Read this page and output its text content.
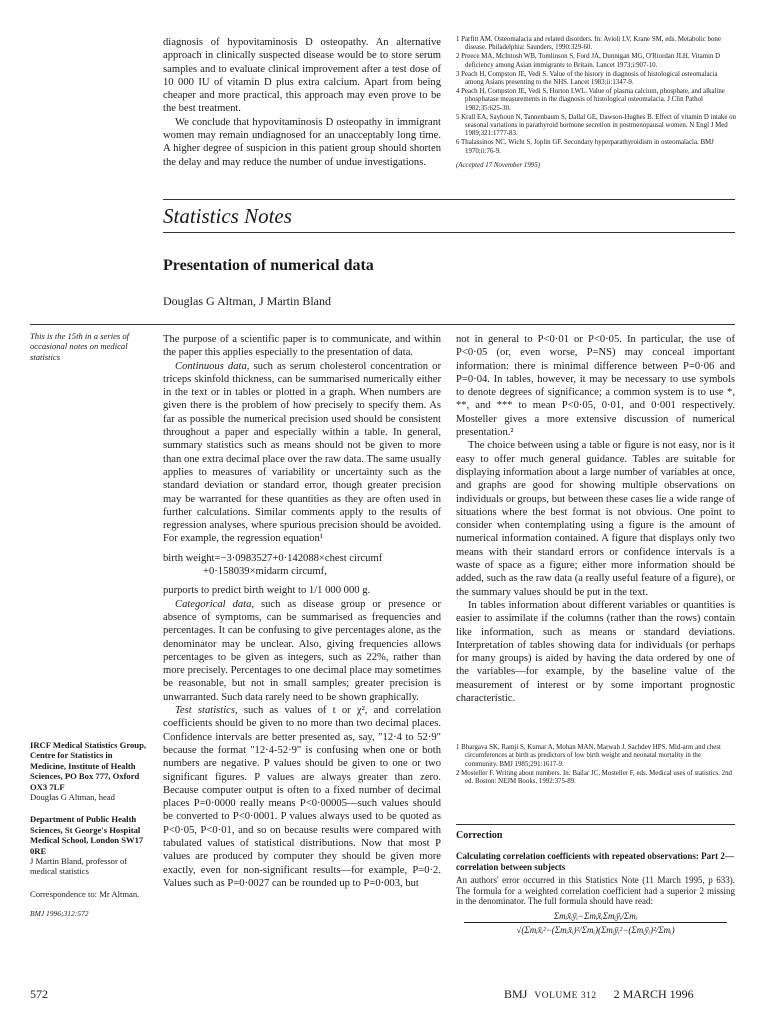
diagnosis of hypovitaminosis D osteopathy. An alternative approach in clinically suspected disease would be to store serum samples and to evaluate clinical improvement after a test dose of 10 000 IU of vitamin D plus extra calcium. Apart from being cheaper and more practical, this approach may even prove to be the best treatment.

We conclude that hypovitaminosis D osteopathy in immigrant women may remain undiagnosed for an unacceptably long time. A higher degree of suspicion in this patient group should shorten the delay and may reduce the number of undue investigations.

1 Parfitt AM. Osteomalacia and related disorders. In: Avioli LV, Krane SM, eds. Metabolic bone disease. Philadelphia: Saunders, 1990:329-60.
2 Preece MA, McIntosh WB, Tomlinson S, Ford JA, Dunnigan MG, O'Riordan JLH. Vitamin D deficiency among Asian immigrants to Britain. Lancet 1973;i:907-10.
3 Peach H, Compston JE, Vedi S. Value of the history in diagnosis of histological osteomalacia among Asians presenting to the NHS. Lancet 1983;ii:1347-9.
4 Peach H, Compston JE, Vedi S, Horton LWL. Value of plasma calcium, phosphate, and alkaline phosphatase measurements in the diagnosis of histological osteomalacia. J Clin Pathol 1982;35:625-30.
5 Krall EA, Sayhoun N, Tannenbaum S, Dallal GE, Dawson-Hughes B. Effect of vitamin D intake on seasonal variations in parathyroid hormone secretion in postmenopausal women. N Engl J Med 1989;321:1777-83.
6 Thalassinos NC, Wicht S, Joplin GF. Secondary hyperparathyroidism in osteomalacia. BMJ 1970;ii:76-9.
(Accepted 17 November 1995)
Statistics Notes
Presentation of numerical data
Douglas G Altman, J Martin Bland
This is the 15th in a series of occasional notes on medical statistics
IRCF Medical Statistics Group, Centre for Statistics in Medicine, Institute of Health Sciences, PO Box 777, Oxford OX3 7LF
Douglas G Altman, head
Department of Public Health Sciences, St George's Hospital Medical School, London SW17 0RE
J Martin Bland, professor of medical statistics
Correspondence to: Mr Altman.
BMJ 1996;312:572

The purpose of a scientific paper is to communicate, and within the paper this applies especially to the presentation of data.

Continuous data, such as serum cholesterol concentration or triceps skinfold thickness, can be summarised numerically either in the text or in tables or plotted in a graph. When numbers are given there is the problem of how precisely to specify them. As far as possible the numerical precision used should be consistent throughout a paper and especially within a table. In general, summary statistics such as means should not be given to more than one extra decimal place over the raw data. The same usually applies to measures of variability or uncertainty such as the standard deviation or standard error, though greater precision may be warranted for these quantities as they are often used in further calculations. Similar comments apply to the results of regression analyses, where spurious precision should be avoided. For example, the regression equation¹

birth weight=−3·0983527+0·142088×chest circumf
+0·158039×midarm circumf,

purports to predict birth weight to 1/1 000 000 g.

Categorical data, such as disease group or presence or absence of symptoms, can be summarised as frequencies and percentages. It can be confusing to give percentages alone, as the denominator may be unclear. Also, giving frequencies allows percentages to be given as integers, such as 22%, rather than more precisely. Percentages to one decimal place may sometimes be reasonable, but not in small samples; greater precision is unwarranted. Such data rarely need to be shown graphically.

Test statistics, such as values of t or χ², and correlation coefficients should be given to no more than two decimal places. Confidence intervals are better presented as, say, "12·4 to 52·9" because the format "12·4-52·9" is confusing when one or both numbers are negative. P values should be given to one or two significant figures. P values are always greater than zero. Because computer output is often to a fixed number of decimal places P=0·0000 really means P<0·00005—such values should be converted to P<0·0001. P values always used to be quoted as P<0·05, P<0·01, and so on because results were compared with tabulated values of statistical distributions. Now that most P values are produced by computer they should be given more exactly, even for non-significant results—for example, P=0·2. Values such as P=0·0027 can be rounded up to P=0·003, but

not in general to P<0·01 or P<0·05. In particular, the use of P<0·05 (or, even worse, P=NS) may conceal important information: there is minimal difference between P=0·06 and P=0·04. In tables, however, it may be necessary to use symbols to denote degrees of significance; a common system is to use *, **, and *** to mean P<0·05, 0·01, and 0·001 respectively. Mosteller gives a more extensive discussion of numerical presentation.²

The choice between using a table or figure is not easy, nor is it easy to offer much general guidance. Tables are suitable for displaying information about a large number of variables at once, and graphs are good for showing multiple observations on individuals or groups, but between these cases lie a wide range of situations where the best format is not obvious. One point to consider when contemplating using a figure is the amount of numerical information contained. A figure that displays only two means with their standard errors or confidence intervals is a waste of space as a figure; either more information should be added, such as the raw data (a really useful feature of a figure), or the summary values should be put in the text.

In tables information about different variables or quantities is easier to assimilate if the columns (rather than the rows) contain like information, such as means or standard deviations. Interpretation of tables showing data for individuals (or perhaps for many groups) is aided by having the data ordered by one of the variables—for example, by the baseline value of the measurement of interest or by some important prognostic characteristic.

1 Bhargava SK, Ramji S, Kumar A, Mohan MAN, Marwah J, Sachdev HPS. Mid-arm and chest circumferences at birth as predictors of low birth weight and neonatal mortality in the community. BMJ 1985;291:1617-9.
2 Mosteller F. Writing about numbers. In: Bailar JC, Mosteller F, eds. Medical uses of statistics. 2nd ed. Boston: NEJM Books, 1992:375-89.
Correction
Calculating correlation coefficients with repeated observations: Part 2—correlation between subjects
An authors' error occurred in this Statistics Note (11 March 1995, p 633). The formula for a weighted correlation coefficient had a superior 2 missing in the denominator. The full formula should have read:
Σmᵢx̄ᵢȳᵢ−Σmᵢx̄ᵢΣmᵢȳᵢ/Σmᵢ
√(Σmᵢx̄ᵢ²−(Σmᵢx̄ᵢ)²/Σmᵢ)(Σmᵢȳᵢ²−(Σmᵢȳᵢ)²/Σmᵢ)
572	BMJ VOLUME 312 2 MARCH 1996
